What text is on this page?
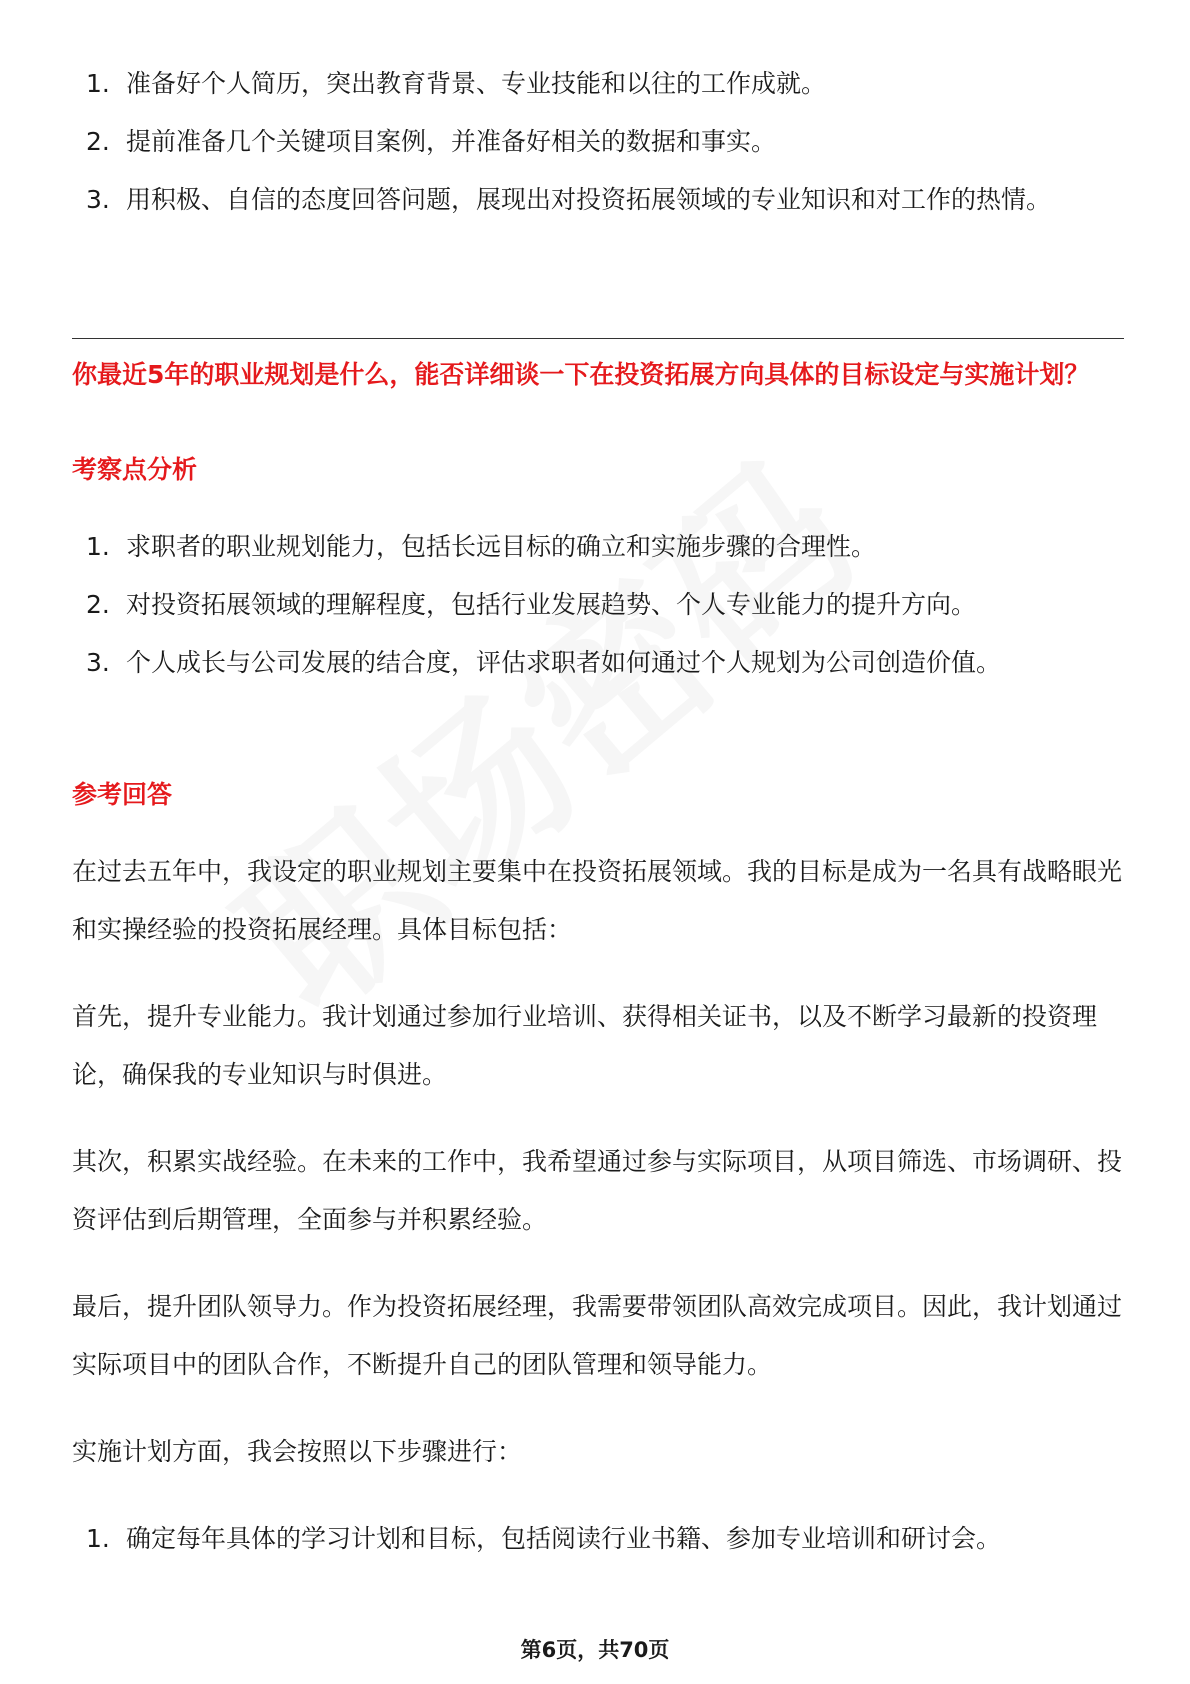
1. 准备好个人简历，突出教育背景、专业技能和以往的工作成就。
2. 提前准备几个关键项目案例，并准备好相关的数据和事实。
3. 用积极、自信的态度回答问题，展现出对投资拓展领域的专业知识和对工作的热情。
你最近5年的职业规划是什么，能否详细谈一下在投资拓展方向具体的目标设定与实施计划？
考察点分析
1. 求职者的职业规划能力，包括长远目标的确立和实施步骤的合理性。
2. 对投资拓展领域的理解程度，包括行业发展趋势、个人专业能力的提升方向。
3. 个人成长与公司发展的结合度，评估求职者如何通过个人规划为公司创造价值。
参考回答
在过去五年中，我设定的职业规划主要集中在投资拓展领域。我的目标是成为一名具有战略眼光和实操经验的投资拓展经理。具体目标包括：
首先，提升专业能力。我计划通过参加行业培训、获得相关证书，以及不断学习最新的投资理论，确保我的专业知识与时俱进。
其次，积累实战经验。在未来的工作中，我希望通过参与实际项目，从项目筛选、市场调研、投资评估到后期管理，全面参与并积累经验。
最后，提升团队领导力。作为投资拓展经理，我需要带领团队高效完成项目。因此，我计划通过实际项目中的团队合作，不断提升自己的团队管理和领导能力。
实施计划方面，我会按照以下步骤进行：
1. 确定每年具体的学习计划和目标，包括阅读行业书籍、参加专业培训和研讨会。
第6页，共70页
